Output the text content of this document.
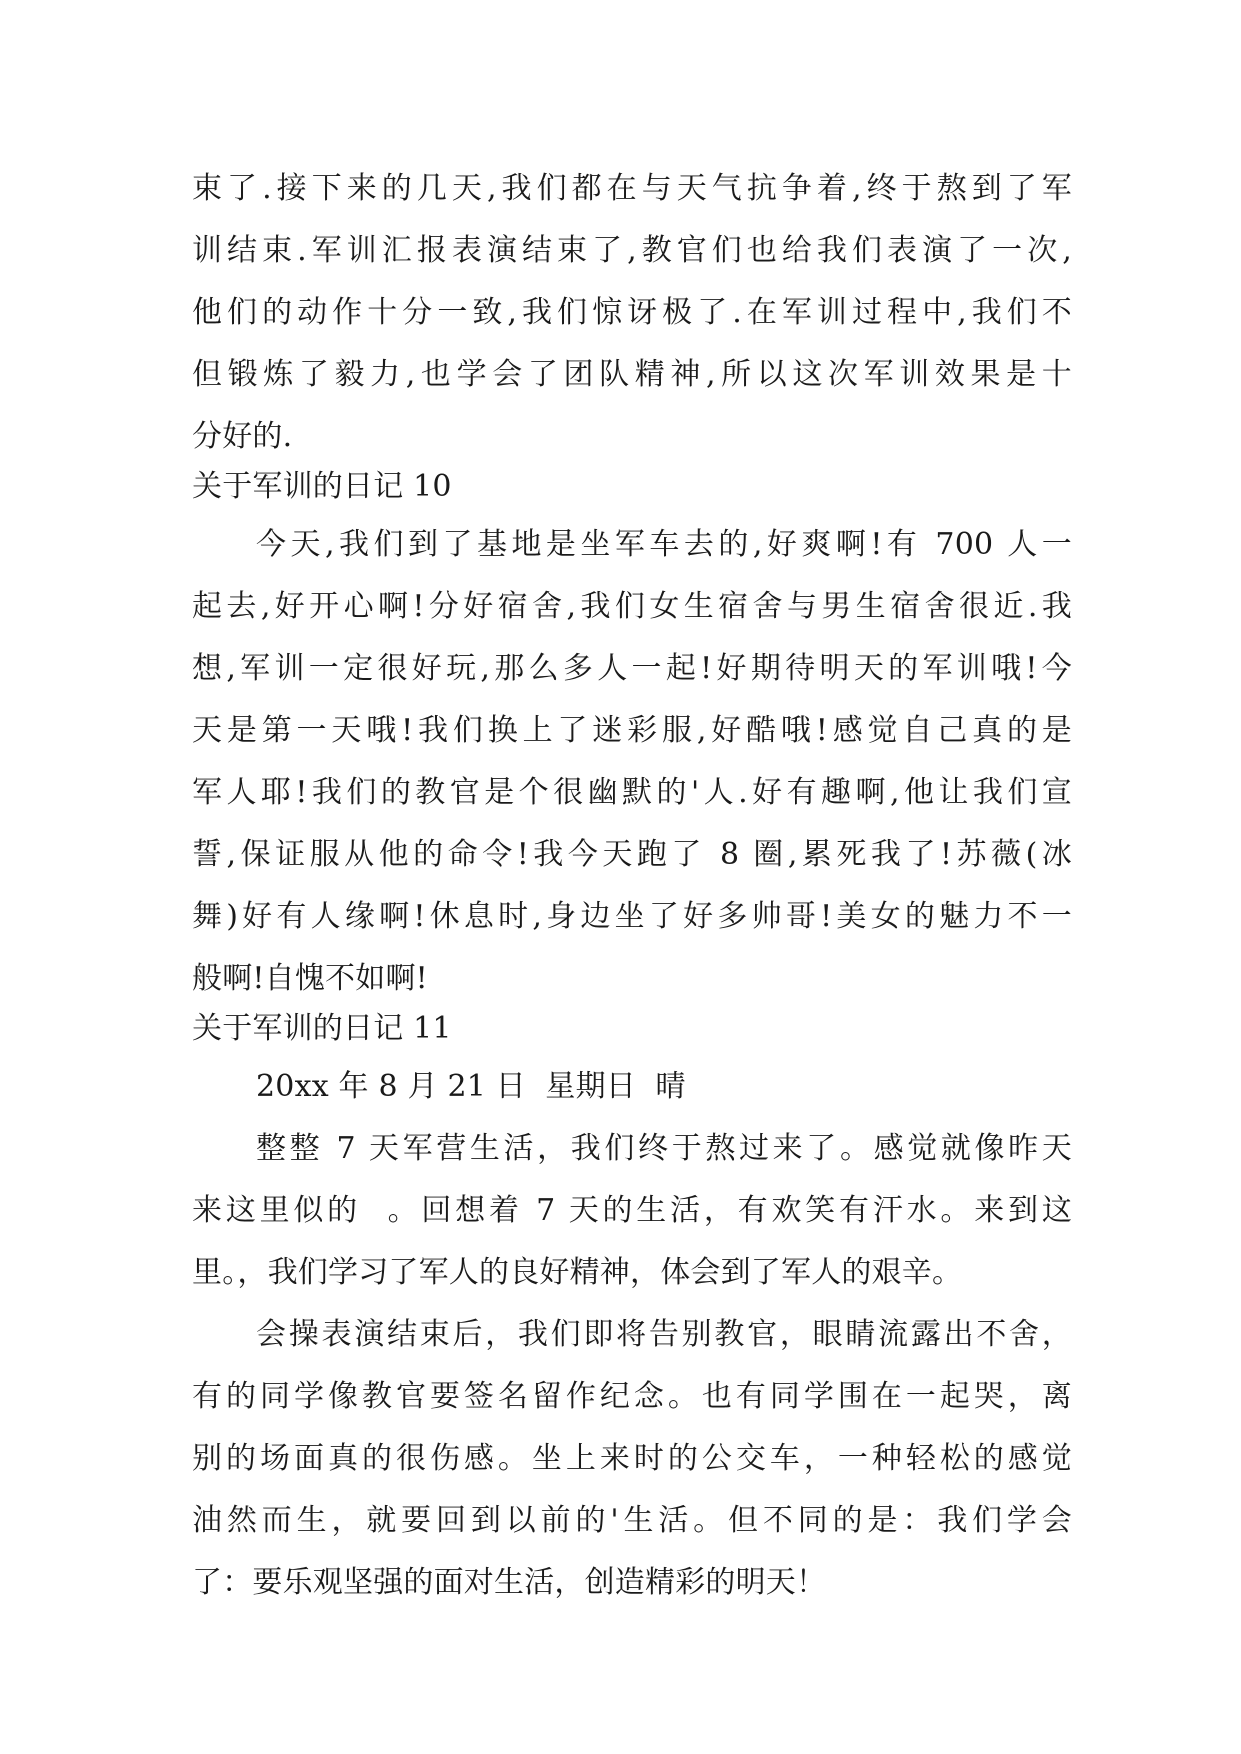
束了.接下来的几天,我们都在与天气抗争着,终于熬到了军
训结束.军训汇报表演结束了,教官们也给我们表演了一次,
他们的动作十分一致,我们惊讶极了.在军训过程中,我们不
但锻炼了毅力,也学会了团队精神,所以这次军训效果是十
分好的.
关于军训的日记 10
今天,我们到了基地是坐军车去的,好爽啊!有 700 人一
起去,好开心啊!分好宿舍,我们女生宿舍与男生宿舍很近.我
想,军训一定很好玩,那么多人一起!好期待明天的军训哦!今
天是第一天哦!我们换上了迷彩服,好酷哦!感觉自己真的是
军人耶!我们的教官是个很幽默的'人.好有趣啊,他让我们宣
誓,保证服从他的命令!我今天跑了 8 圈,累死我了!苏薇(冰
舞)好有人缘啊!休息时,身边坐了好多帅哥!美女的魅力不一
般啊!自愧不如啊!
关于军训的日记 11
20xx 年 8 月 21 日  星期日  晴
整整 7 天军营生活，我们终于熬过来了。感觉就像昨天
来这里似的  。回想着 7 天的生活，有欢笑有汗水。来到这
里。，我们学习了军人的良好精神，体会到了军人的艰辛。
会操表演结束后，我们即将告别教官，眼睛流露出不舍，
有的同学像教官要签名留作纪念。也有同学围在一起哭，离
别的场面真的很伤感。坐上来时的公交车，一种轻松的感觉
油然而生，就要回到以前的'生活。但不同的是：我们学会
了：要乐观坚强的面对生活，创造精彩的明天！
